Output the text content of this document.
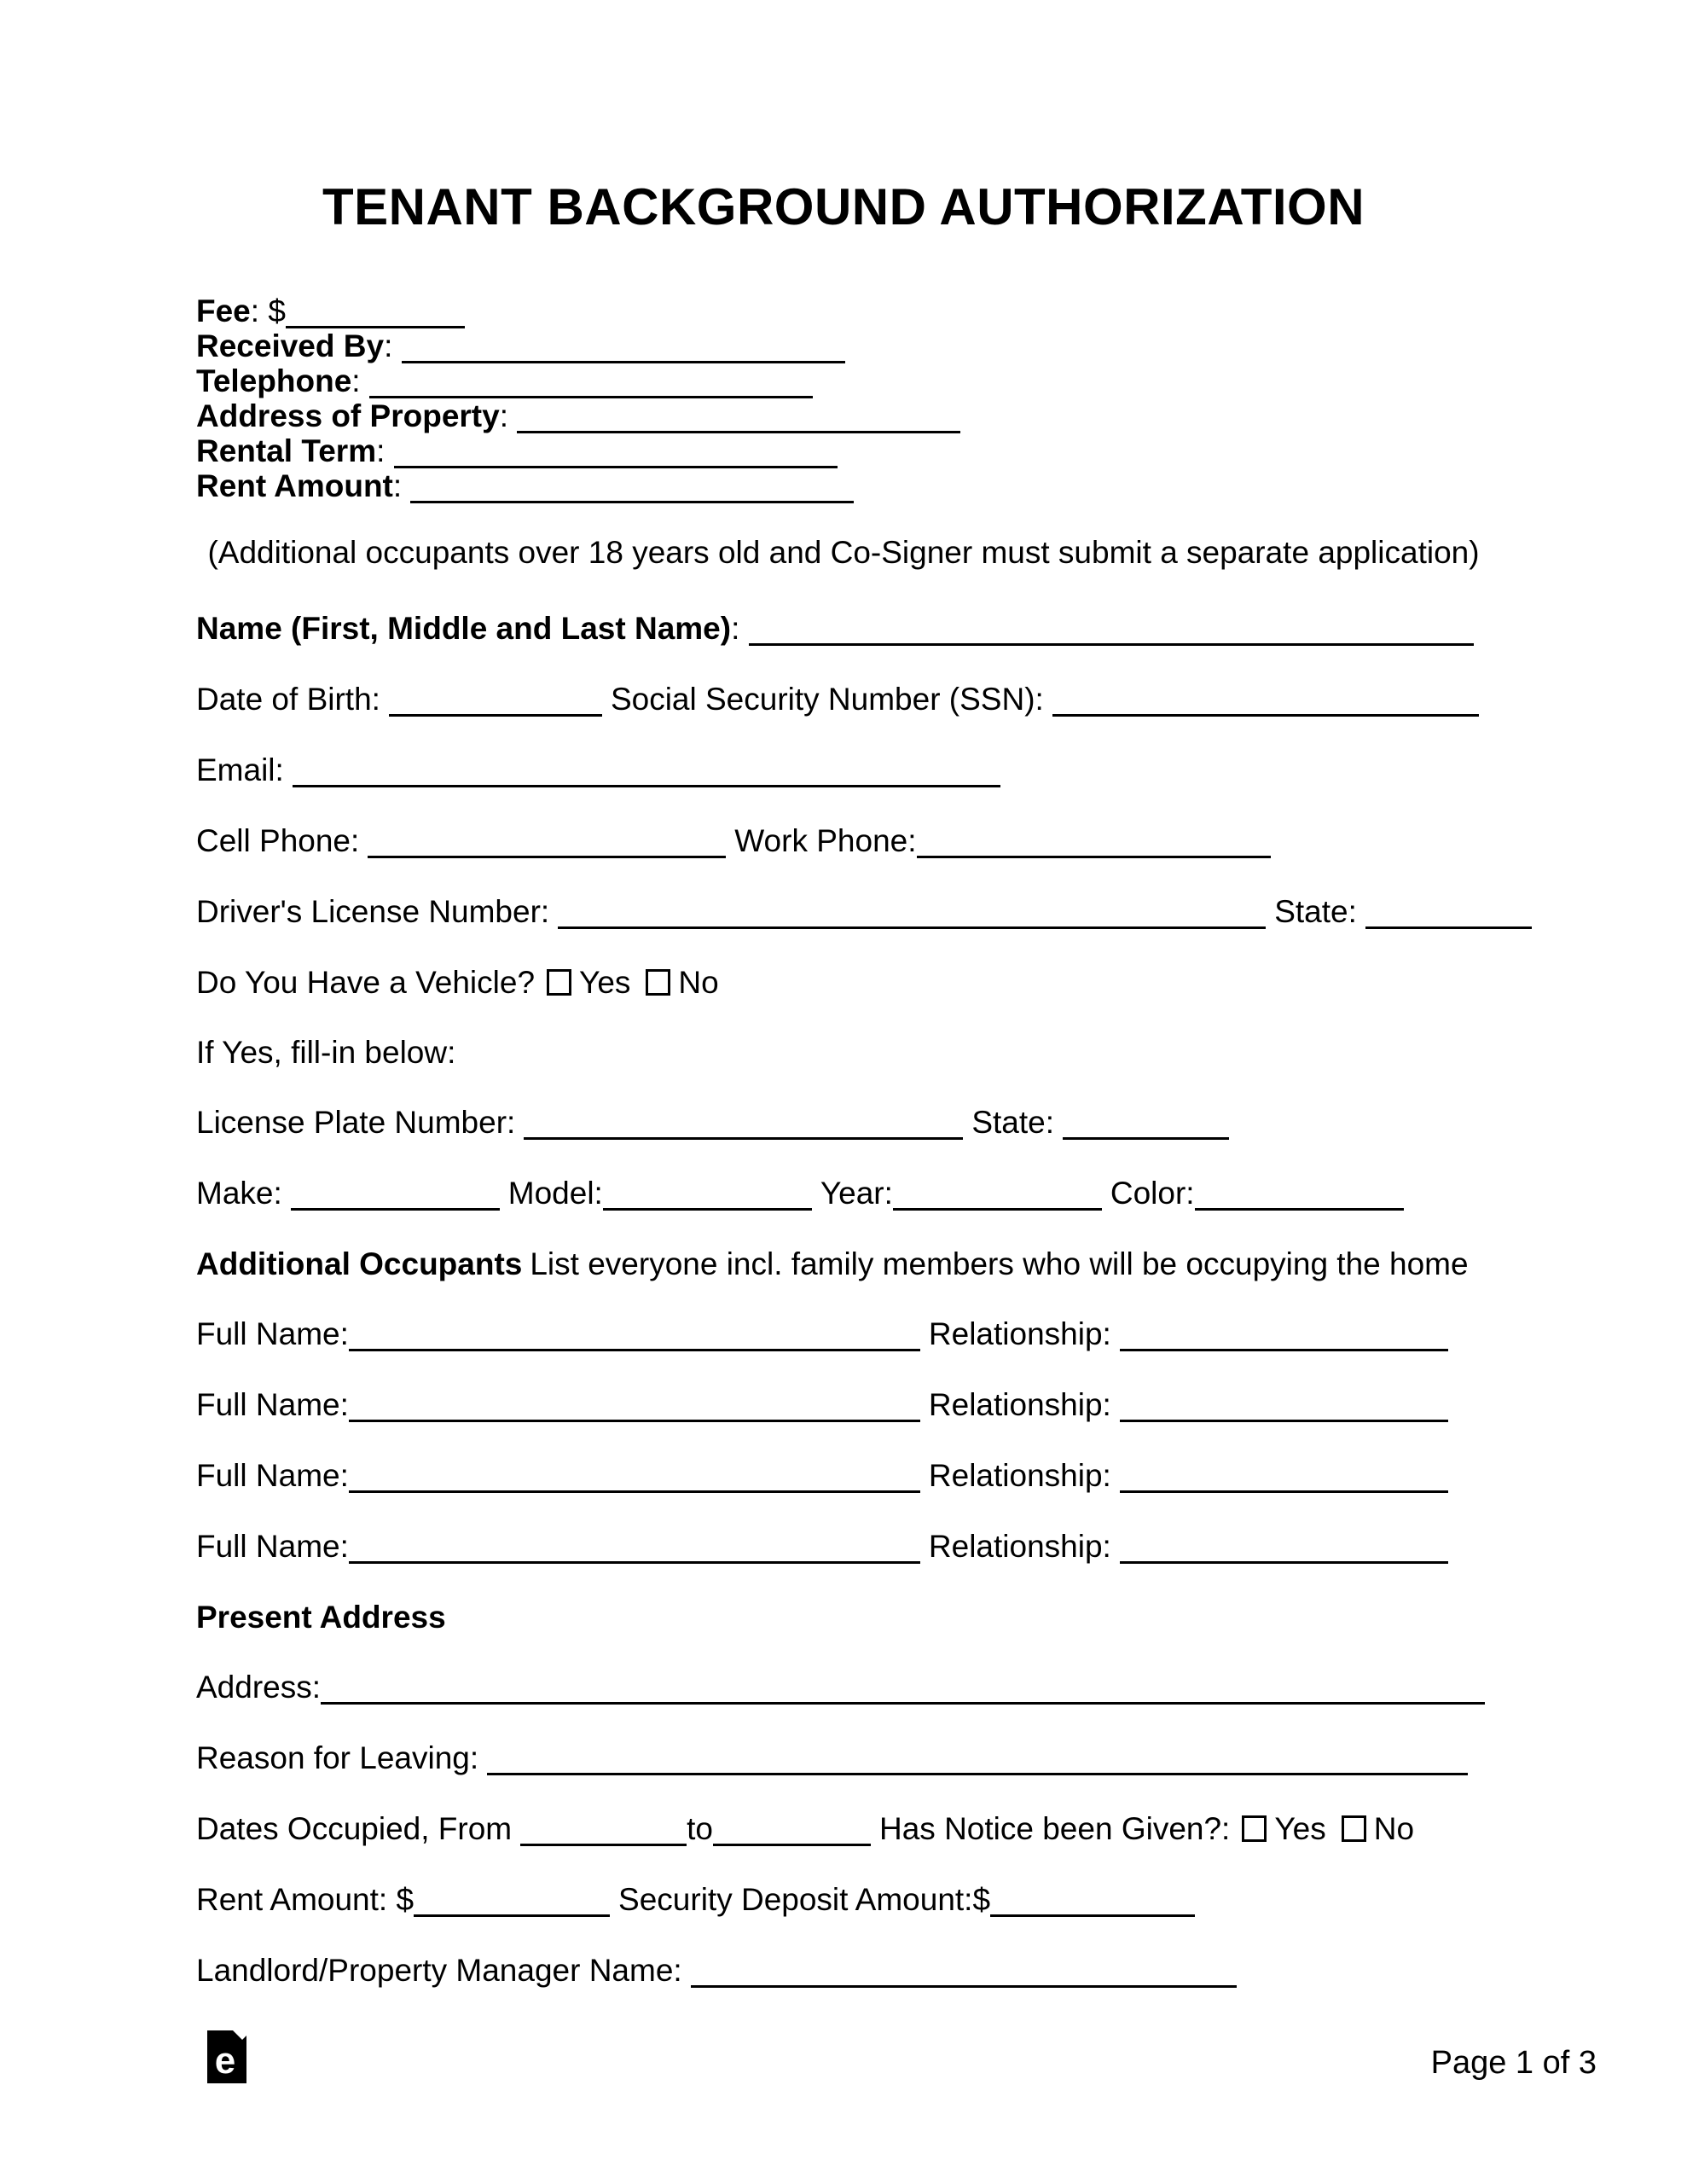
TENANT BACKGROUND AUTHORIZATION
Fee: $
Received By:
Telephone:
Address of Property:
Rental Term:
Rent Amount:
(Additional occupants over 18 years old and Co-Signer must submit a separate application)
Name (First, Middle and Last Name):
Date of Birth:	Social Security Number (SSN):
Email:
Cell Phone:	Work Phone:
Driver's License Number:	State:
Do You Have a Vehicle? Yes No
If Yes, fill-in below:
License Plate Number:	State:
Make:	Model:	Year:	Color:
Additional Occupants List everyone incl. family members who will be occupying the home
Full Name:	Relationship:
Full Name:	Relationship:
Full Name:	Relationship:
Full Name:	Relationship:
Present Address
Address:
Reason for Leaving:
Dates Occupied, From	to	Has Notice been Given?: Yes No
Rent Amount: $	Security Deposit Amount:$
Landlord/Property Manager Name:
e	Page 1 of 3
